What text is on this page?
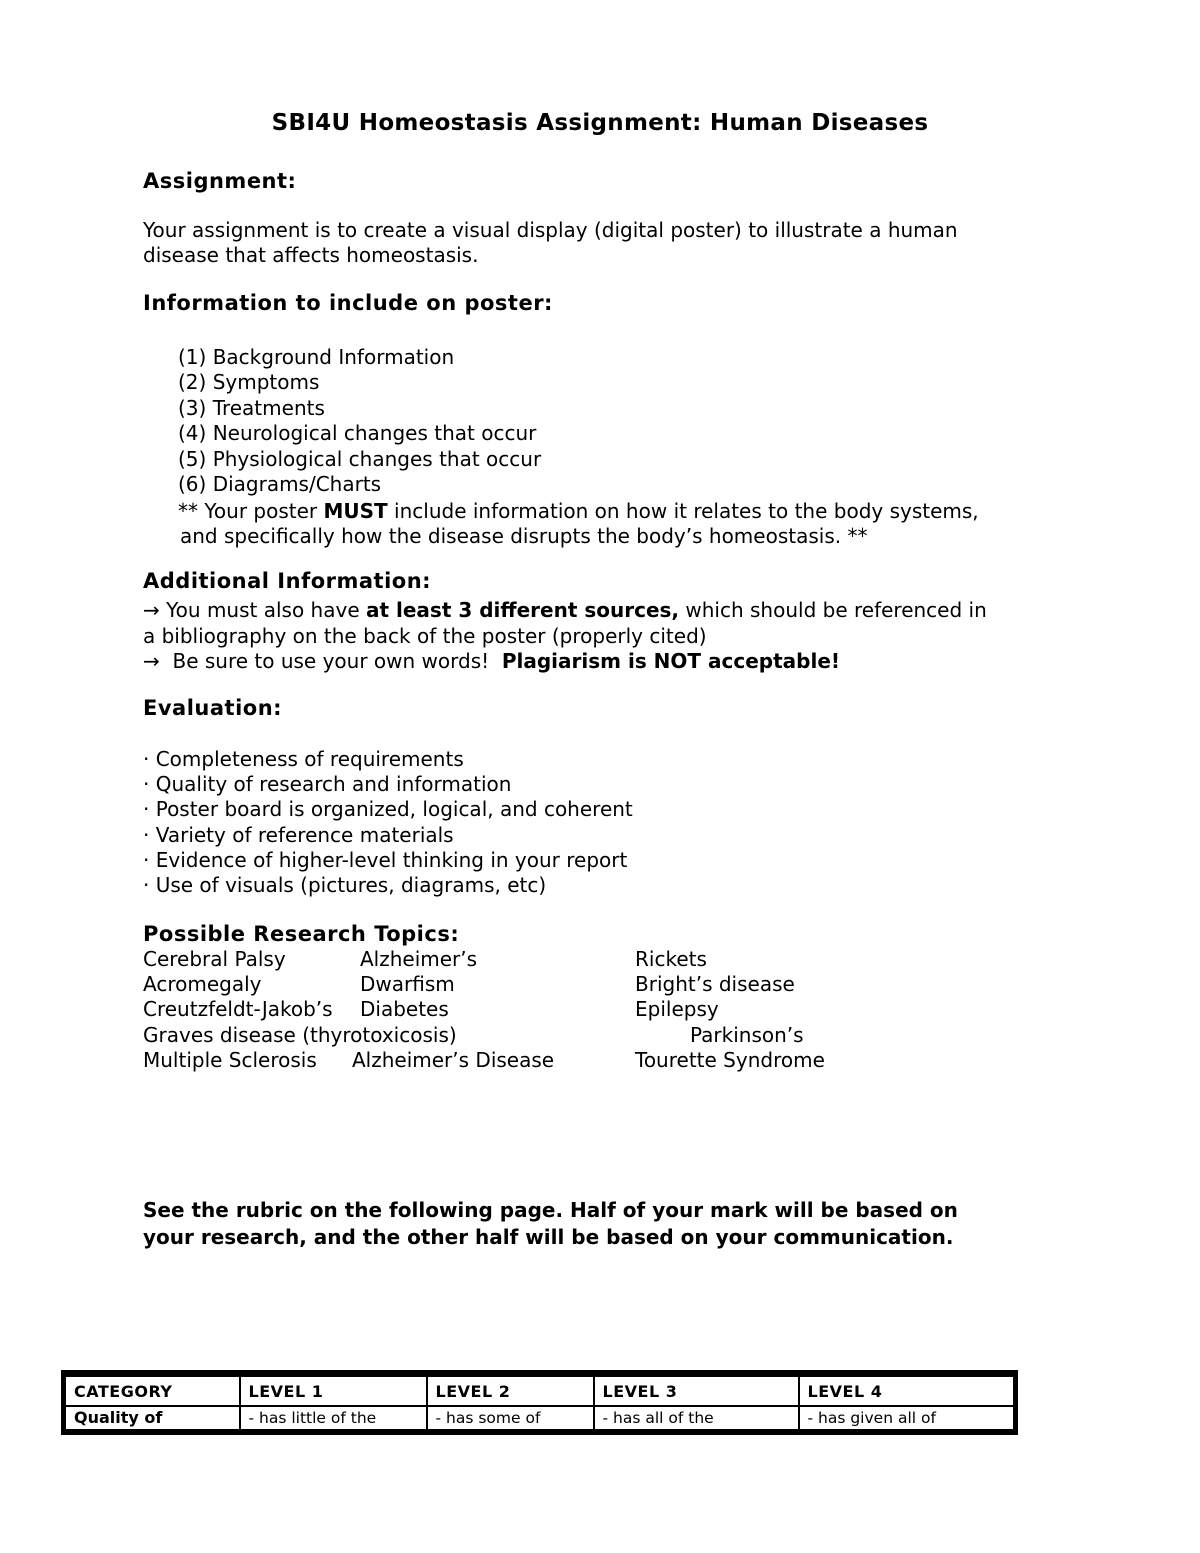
SBI4U Homeostasis Assignment: Human Diseases
Assignment:
Your assignment is to create a visual display (digital poster) to illustrate a human
disease that affects homeostasis.
Information to include on poster:
(1) Background Information
(2) Symptoms
(3) Treatments
(4) Neurological changes that occur
(5) Physiological changes that occur
(6) Diagrams/Charts
** Your poster MUST include information on how it relates to the body systems,
and specifically how the disease disrupts the body’s homeostasis. **
Additional Information:
→ You must also have at least 3 different sources, which should be referenced in
a bibliography on the back of the poster (properly cited)
→  Be sure to use your own words!  Plagiarism is NOT acceptable!
Evaluation:
· Completeness of requirements
· Quality of research and information
· Poster board is organized, logical, and coherent
· Variety of reference materials
· Evidence of higher-level thinking in your report
· Use of visuals (pictures, diagrams, etc)
Possible Research Topics:
Cerebral Palsy	Alzheimer’s	Rickets
Acromegaly	Dwarfism	Bright’s disease
Creutzfeldt-Jakob’s Diabetes	Epilepsy
Graves disease (thyrotoxicosis)	Parkinson’s
Multiple Sclerosis Alzheimer’s Disease	Tourette Syndrome
See the rubric on the following page. Half of your mark will be based on
your research, and the other half will be based on your communication.
CATEGORY	LEVEL 1	LEVEL 2	LEVEL 3	LEVEL 4
Quality of	- has little of the	- has some of	- has all of the	- has given all of
